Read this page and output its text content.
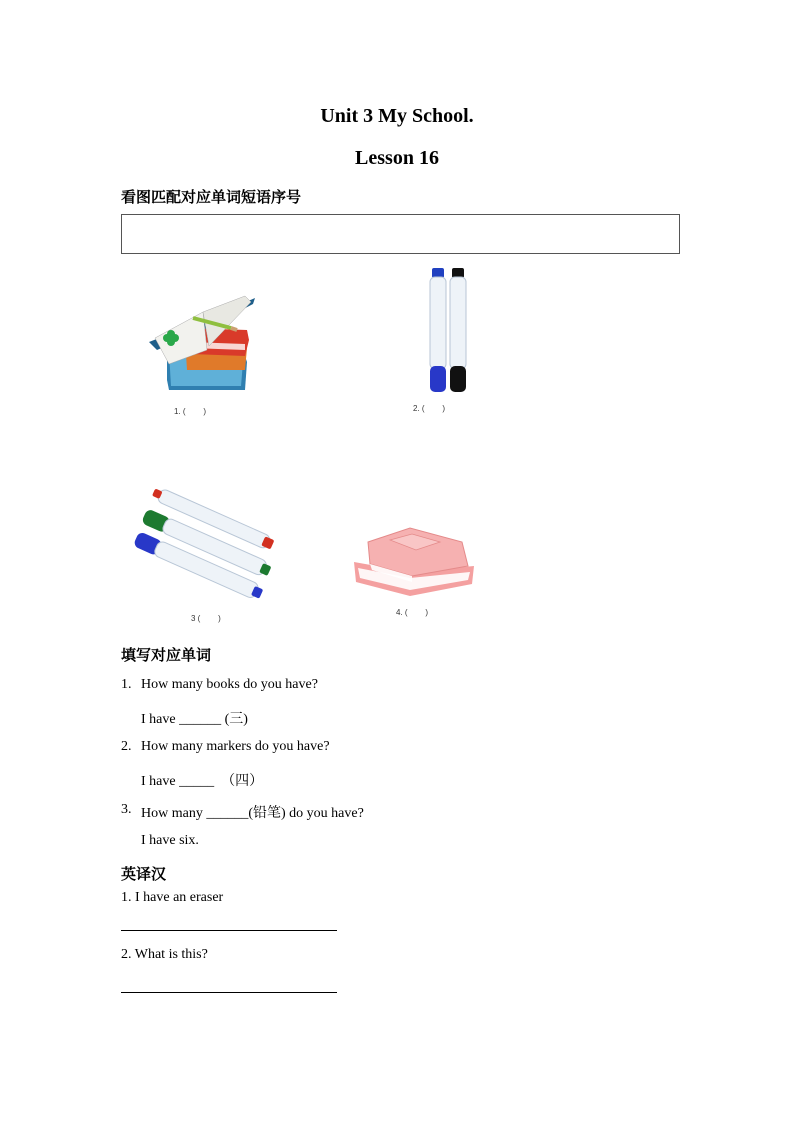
Unit 3 My School.
Lesson 16
看图匹配对应单词短语序号
1. (        )	2. (        )
3 (        )
4. (        )
填写对应单词
1. How many books do you have?
I have ______ (三)
2. How many markers do you have?
I have _____  （四）
3. How many ______(铅笔) do you have?
I have six.
英译汉
1. I have an eraser
2. What is this?
